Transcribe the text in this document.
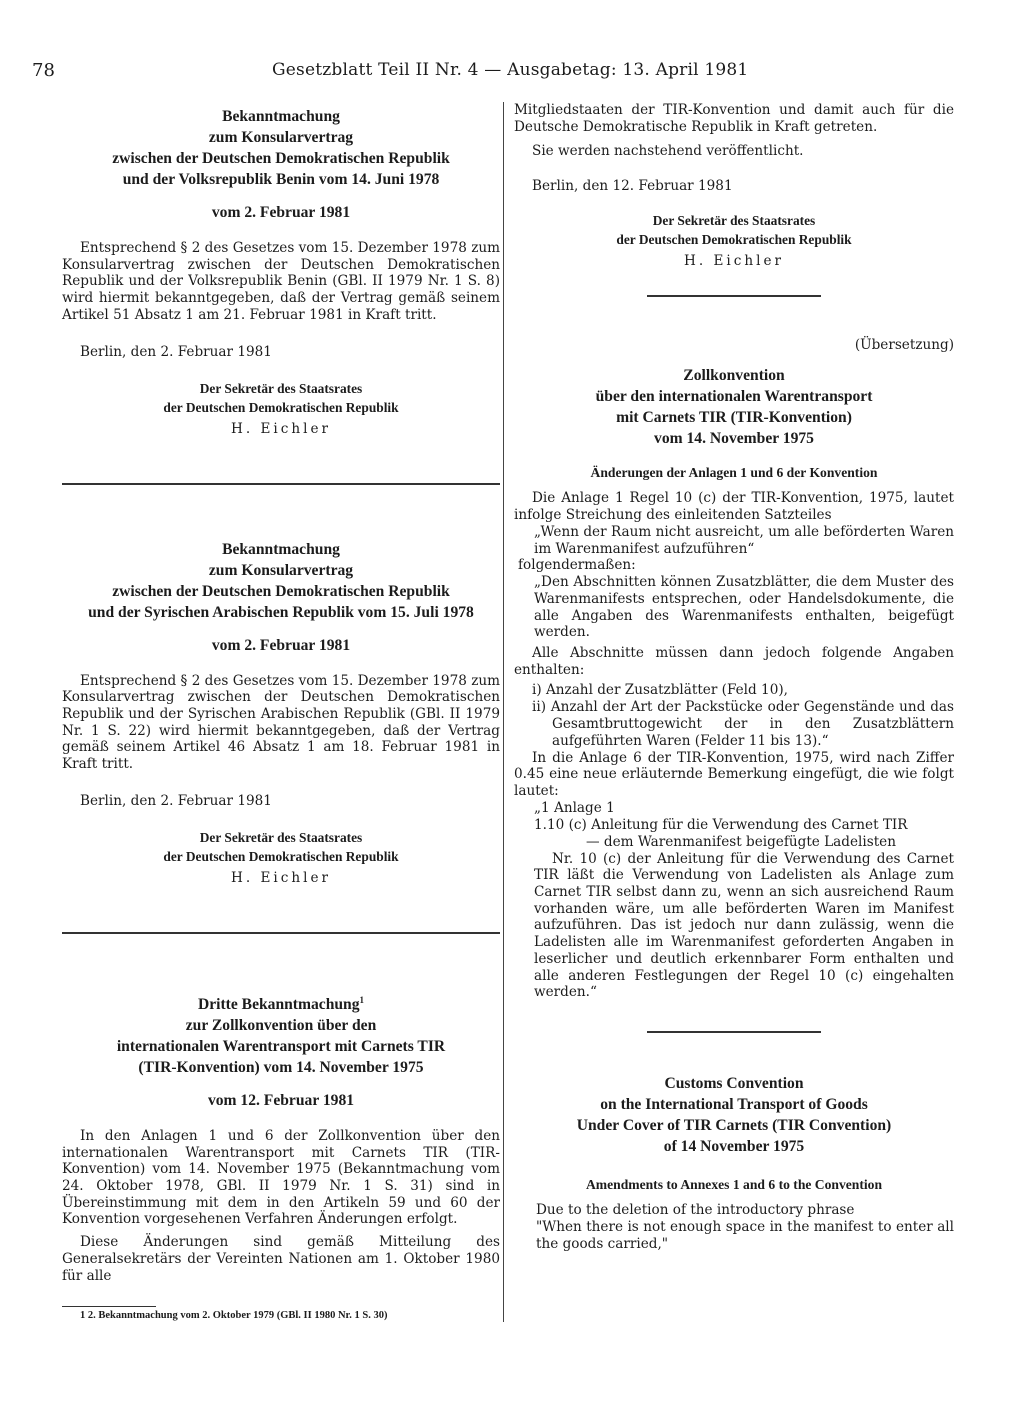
78	Gesetzblatt Teil II Nr. 4 — Ausgabetag: 13. April 1981

Bekanntmachung

zum Konsularvertrag

zwischen der Deutschen Demokratischen Republik

und der Volksrepublik Benin vom 14. Juni 1978

vom 2. Februar 1981

Entsprechend § 2 des Gesetzes vom 15. Dezember 1978 zum Konsularvertrag zwischen der Deutschen Demokratischen Republik und der Volksrepublik Benin (GBl. II 1979 Nr. 1 S. 8) wird hiermit bekanntgegeben, daß der Vertrag gemäß seinem Artikel 51 Absatz 1 am 21. Februar 1981 in Kraft tritt.

Berlin, den 2. Februar 1981

Der Sekretär des Staatsrates
der Deutschen Demokratischen Republik
H. Eichler

Bekanntmachung

zum Konsularvertrag

zwischen der Deutschen Demokratischen Republik

und der Syrischen Arabischen Republik vom 15. Juli 1978

vom 2. Februar 1981

Entsprechend § 2 des Gesetzes vom 15. Dezember 1978 zum Konsularvertrag zwischen der Deutschen Demokratischen Republik und der Syrischen Arabischen Republik (GBl. II 1979 Nr. 1 S. 22) wird hiermit bekanntgegeben, daß der Vertrag gemäß seinem Artikel 46 Absatz 1 am 18. Februar 1981 in Kraft tritt.

Berlin, den 2. Februar 1981

Der Sekretär des Staatsrates
der Deutschen Demokratischen Republik
H. Eichler

Dritte Bekanntmachung$^1$

zur Zollkonvention über den

internationalen Warentransport mit Carnets TIR

(TIR-Konvention) vom 14. November 1975

vom 12. Februar 1981

In den Anlagen 1 und 6 der Zollkonvention über den internationalen Warentransport mit Carnets TIR (TIR-Konvention) vom 14. November 1975 (Bekanntmachung vom 24. Oktober 1978, GBl. II 1979 Nr. 1 S. 31) sind in Übereinstimmung mit dem in den Artikeln 59 und 60 der Konvention vorgesehenen Verfahren Änderungen erfolgt.

Diese Änderungen sind gemäß Mitteilung des Generalsekretärs der Vereinten Nationen am 1. Oktober 1980 für alle

1 2. Bekanntmachung vom 2. Oktober 1979 (GBl. II 1980 Nr. 1 S. 30)

Mitgliedstaaten der TIR-Konvention und damit auch für die Deutsche Demokratische Republik in Kraft getreten.

Sie werden nachstehend veröffentlicht.

Berlin, den 12. Februar 1981

Der Sekretär des Staatsrates
der Deutschen Demokratischen Republik
H. Eichler
(Übersetzung)

Zollkonvention

über den internationalen Warentransport

mit Carnets TIR (TIR-Konvention)

vom 14. November 1975

Änderungen der Anlagen 1 und 6 der Konvention

Die Anlage 1 Regel 10 (c) der TIR-Konvention, 1975, lautet infolge Streichung des einleitenden Satzteiles

„Wenn der Raum nicht ausreicht, um alle beförderten Waren im Warenmanifest aufzuführen“

folgendermaßen:

„Den Abschnitten können Zusatzblätter, die dem Muster des Warenmanifests entsprechen, oder Handelsdokumente, die alle Angaben des Warenmanifests enthalten, beigefügt werden.

Alle Abschnitte müssen dann jedoch folgende Angaben enthalten:

i) Anzahl der Zusatzblätter (Feld 10),

ii) Anzahl der Art der Packstücke oder Gegenstände und das Gesamtbruttogewicht der in den Zusatzblättern aufgeführten Waren (Felder 11 bis 13).“

In die Anlage 6 der TIR-Konvention, 1975, wird nach Ziffer 0.45 eine neue erläuternde Bemerkung eingefügt, die wie folgt lautet:

„1 Anlage 1

1.10 (c) Anleitung für die Verwendung des Carnet TIR

— dem Warenmanifest beigefügte Ladelisten

Nr. 10 (c) der Anleitung für die Verwendung des Carnet TIR läßt die Verwendung von Ladelisten als Anlage zum Carnet TIR selbst dann zu, wenn an sich ausreichend Raum vorhanden wäre, um alle beförderten Waren im Manifest aufzuführen. Das ist jedoch nur dann zulässig, wenn die Ladelisten alle im Warenmanifest geforderten Angaben in leserlicher und deutlich erkennbarer Form enthalten und alle anderen Festlegungen der Regel 10 (c) eingehalten werden.“

Customs Convention

on the International Transport of Goods

Under Cover of TIR Carnets (TIR Convention)

of 14 November 1975

Amendments to Annexes 1 and 6 to the Convention

Due to the deletion of the introductory phrase

"When there is not enough space in the manifest to enter all the goods carried,"
